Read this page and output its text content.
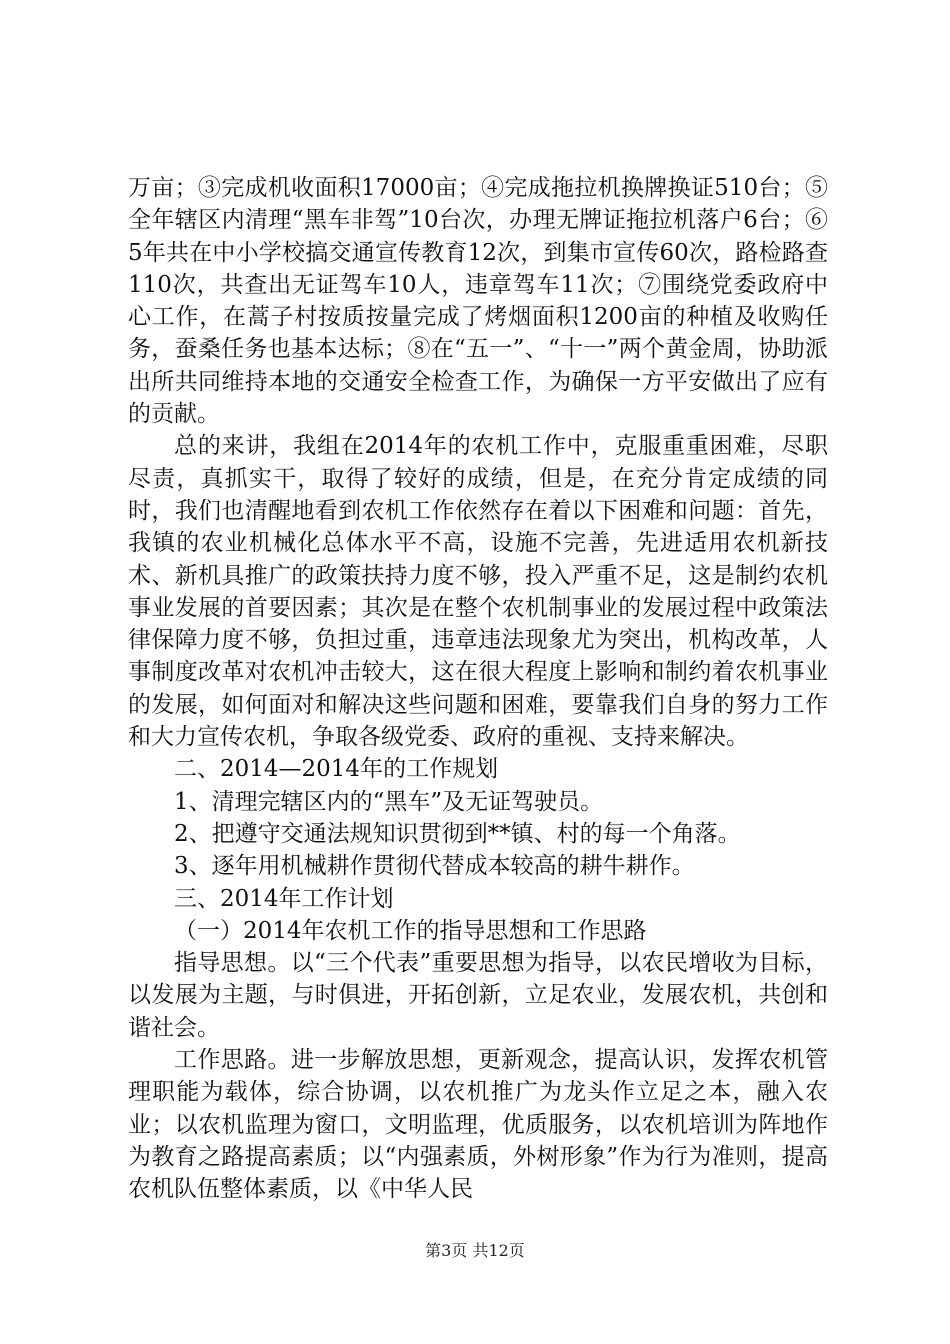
万亩；③完成机收面积17000亩；④完成拖拉机换牌换证510台；⑤全年辖区内清理“黑车非驾”10台次，办理无牌证拖拉机落户6台；⑥5年共在中小学校搞交通宣传教育12次，到集市宣传60次，路检路查110次，共查出无证驾车10人，违章驾车11次；⑦围绕党委政府中心工作，在蒿子村按质按量完成了烤烟面积1200亩的种植及收购任务，蚕桑任务也基本达标；⑧在“五一”、“十一”两个黄金周，协助派出所共同维持本地的交通安全检查工作，为确保一方平安做出了应有的贡献。

总的来讲，我组在2014年的农机工作中，克服重重困难，尽职尽责，真抓实干，取得了较好的成绩，但是，在充分肯定成绩的同时，我们也清醒地看到农机工作依然存在着以下困难和问题：首先，我镇的农业机械化总体水平不高，设施不完善，先进适用农机新技术、新机具推广的政策扶持力度不够，投入严重不足，这是制约农机事业发展的首要因素；其次是在整个农机制事业的发展过程中政策法律保障力度不够，负担过重，违章违法现象尤为突出，机构改革，人事制度改革对农机冲击较大，这在很大程度上影响和制约着农机事业的发展，如何面对和解决这些问题和困难，要靠我们自身的努力工作和大力宣传农机，争取各级党委、政府的重视、支持来解决。

二、2014—2014年的工作规划

1、清理完辖区内的“黑车”及无证驾驶员。

2、把遵守交通法规知识贯彻到**镇、村的每一个角落。

3、逐年用机械耕作贯彻代替成本较高的耕牛耕作。

三、2014年工作计划

（一）2014年农机工作的指导思想和工作思路

指导思想。以“三个代表”重要思想为指导，以农民增收为目标，以发展为主题，与时俱进，开拓创新，立足农业，发展农机，共创和谐社会。

工作思路。进一步解放思想，更新观念，提高认识，发挥农机管理职能为载体，综合协调，以农机推广为龙头作立足之本，融入农业；以农机监理为窗口，文明监理，优质服务，以农机培训为阵地作为教育之路提高素质；以“内强素质，外树形象”作为行为准则，提高农机队伍整体素质，以《中华人民

第3页 共12页
